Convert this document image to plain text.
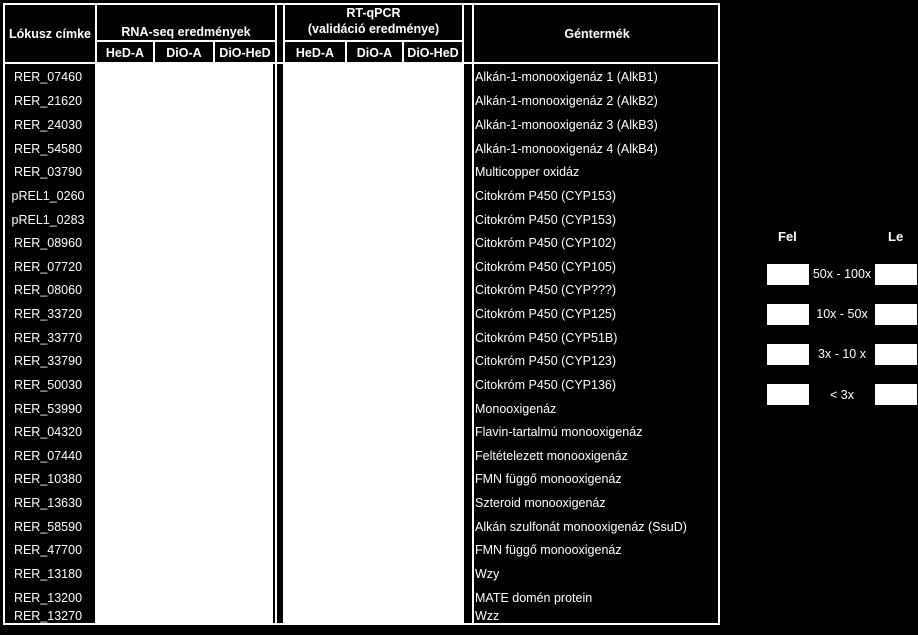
Lókusz címke	RNA-seq eredmények
RT-qPCR
(validáció eredménye)	Géntermék
HeD-A	DiO-A	DiO-HeD	HeD-A	DiO-A	DiO-HeD
RER_07460	Alkán-1-monooxigenáz 1 (AlkB1)
RER_21620	Alkán-1-monooxigenáz 2 (AlkB2)
RER_24030	Alkán-1-monooxigenáz 3 (AlkB3)
RER_54580	Alkán-1-monooxigenáz 4 (AlkB4)
RER_03790	Multicopper oxidáz
pREL1_0260	Citokróm P450 (CYP153)
pREL1_0283	Citokróm P450 (CYP153)
RER_08960	Citokróm P450 (CYP102)
RER_07720	Citokróm P450 (CYP105)
RER_08060	Citokróm P450 (CYP???)
RER_33720	Citokróm P450 (CYP125)
RER_33770	Citokróm P450 (CYP51B)
RER_33790	Citokróm P450 (CYP123)
RER_50030	Citokróm P450 (CYP136)
RER_53990	Monooxigenáz
RER_04320	Flavin-tartalmú monooxigenáz
RER_07440	Feltételezett monooxigenáz
RER_10380	FMN függő monooxigenáz
RER_13630	Szteroid monooxigenáz
RER_58590	Alkán szulfonát monooxigenáz (SsuD)
RER_47700	FMN függő monooxigenáz
RER_13180	Wzy
RER_13200	MATE domén protein
RER_13270	Wzz
Fel	Le
50x - 100x
10x - 50x
3x - 10 x
< 3x
